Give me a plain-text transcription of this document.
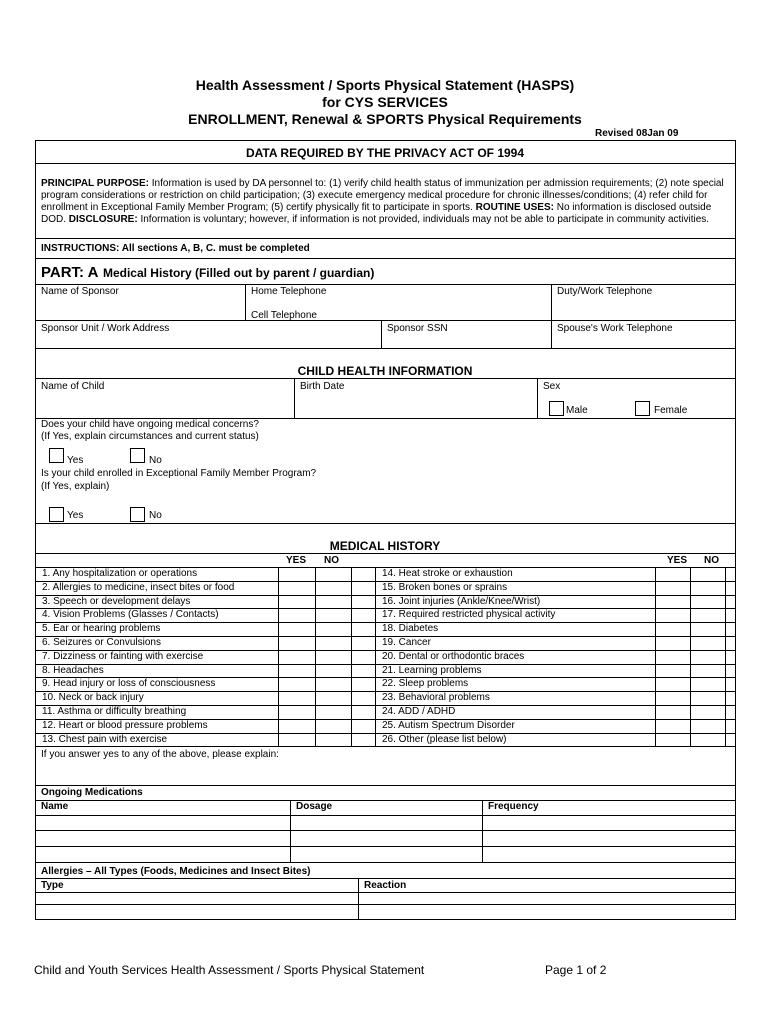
Health Assessment / Sports Physical Statement (HASPS)
for CYS SERVICES
ENROLLMENT, Renewal & SPORTS Physical Requirements
Revised 08Jan 09
DATA REQUIRED BY THE PRIVACY ACT OF 1994
PRINCIPAL PURPOSE: Information is used by DA personnel to: (1) verify child health status of immunization per admission requirements; (2) note special program considerations or restriction on child participation; (3) execute emergency medical procedure for chronic illnesses/conditions; (4) refer child for enrollment in Exceptional Family Member Program; (5) certify physically fit to participate in sports. ROUTINE USES: No information is disclosed outside DOD. DISCLOSURE: Information is voluntary; however, if information is not provided, individuals may not be able to participate in community activities.
INSTRUCTIONS: All sections A, B, C. must be completed
PART: A Medical History (Filled out by parent / guardian)
Name of Sponsor	Home Telephone	Duty/Work Telephone
Cell Telephone
Sponsor Unit / Work Address	Sponsor SSN	Spouse's Work Telephone
CHILD HEALTH INFORMATION
Name of Child	Birth Date	Sex
Male	Female
Does your child have ongoing medical concerns?
(If Yes, explain circumstances and current status)
Yes	No
Is your child enrolled in Exceptional Family Member Program?
(If Yes, explain)
Yes	No
MEDICAL HISTORY
YES NO	YES NO
1. Any hospitalization or operations	14. Heat stroke or exhaustion
2. Allergies to medicine, insect bites or food	15. Broken bones or sprains
3. Speech or development delays	16. Joint injuries (Ankle/Knee/Wrist)
4. Vision Problems (Glasses / Contacts)	17. Required restricted physical activity
5. Ear or hearing problems	18. Diabetes
6. Seizures or Convulsions	19. Cancer
7. Dizziness or fainting with exercise	20. Dental or orthodontic braces
8. Headaches	21. Learning problems
9. Head injury or loss of consciousness	22. Sleep problems
10. Neck or back injury	23. Behavioral problems
11. Asthma or difficulty breathing	24. ADD / ADHD
12. Heart or blood pressure problems	25. Autism Spectrum Disorder
13. Chest pain with exercise	26. Other (please list below)
If you answer yes to any of the above, please explain:
Ongoing Medications
Name	Dosage	Frequency
Allergies – All Types (Foods, Medicines and Insect Bites)
Type	Reaction
Child and Youth Services Health Assessment / Sports Physical Statement	Page 1 of 2
